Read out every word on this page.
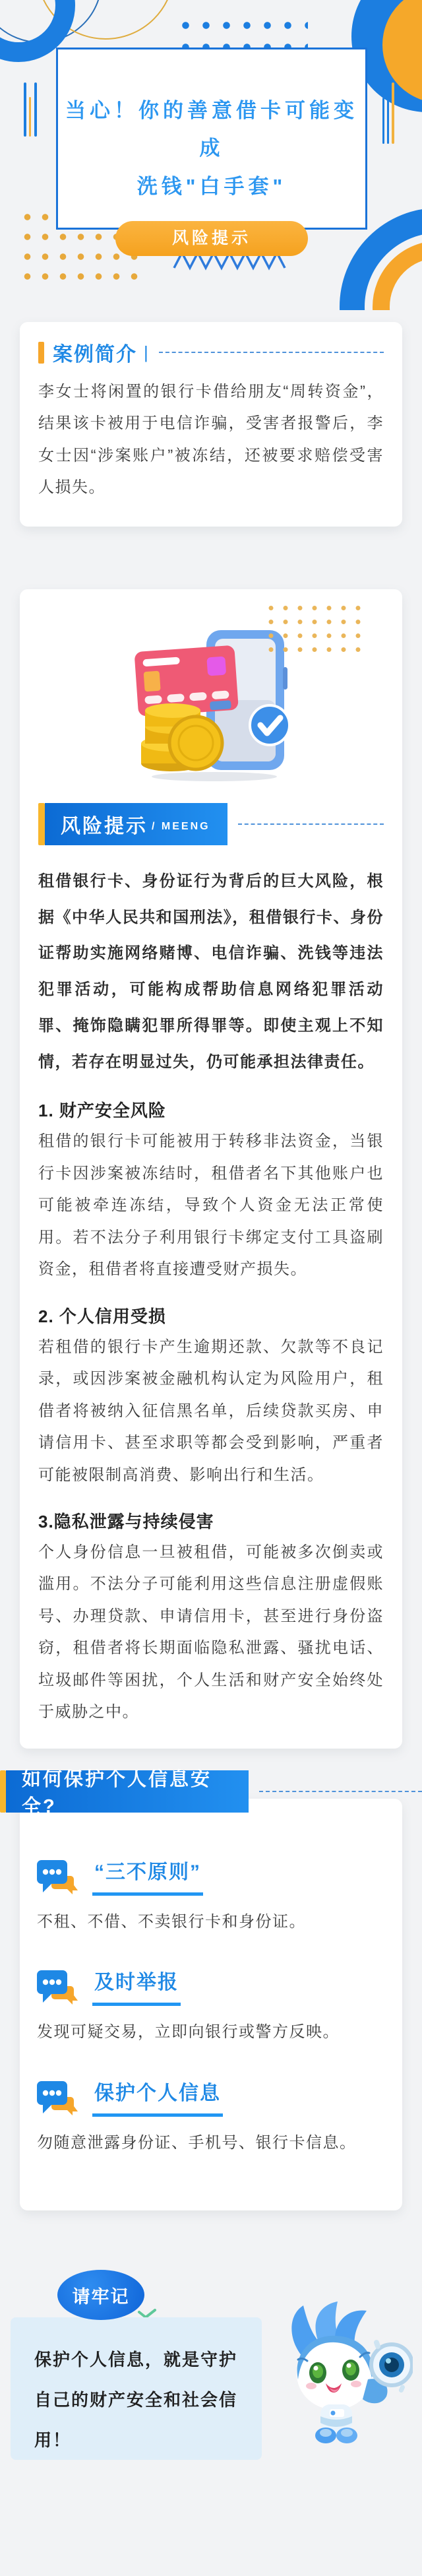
当心！你的善意借卡可能变成
洗钱"白手套"
风险提示
案例简介 |

李女士将闲置的银行卡借给朋友“周转资金”，结果该卡被用于电信诈骗，受害者报警后，李女士因“涉案账户”被冻结，还被要求赔偿受害人损失。

风险提示 / MEENG

租借银行卡、身份证行为背后的巨大风险，根据《中华人民共和国刑法》，租借银行卡、身份证帮助实施网络赌博、电信诈骗、洗钱等违法犯罪活动，可能构成帮助信息网络犯罪活动罪、掩饰隐瞒犯罪所得罪等。即使主观上不知情，若存在明显过失，仍可能承担法律责任。

1. 财产安全风险

租借的银行卡可能被用于转移非法资金，当银行卡因涉案被冻结时，租借者名下其他账户也可能被牵连冻结，导致个人资金无法正常使用。若不法分子利用银行卡绑定支付工具盗刷资金，租借者将直接遭受财产损失。

2. 个人信用受损

若租借的银行卡产生逾期还款、欠款等不良记录，或因涉案被金融机构认定为风险用户，租借者将被纳入征信黑名单，后续贷款买房、申请信用卡、甚至求职等都会受到影响，严重者可能被限制高消费、影响出行和生活。

3.隐私泄露与持续侵害

个人身份信息一旦被租借，可能被多次倒卖或滥用。不法分子可能利用这些信息注册虚假账号、办理贷款、申请信用卡，甚至进行身份盗窃，租借者将长期面临隐私泄露、骚扰电话、垃圾邮件等困扰，个人生活和财产安全始终处于威胁之中。

如何保护个人信息安全?
“三不原则”

不租、不借、不卖银行卡和身份证。

及时举报

发现可疑交易，立即向银行或警方反映。

保护个人信息

勿随意泄露身份证、手机号、银行卡信息。

请牢记

保护个人信息，就是守护自己的财产安全和社会信用！
